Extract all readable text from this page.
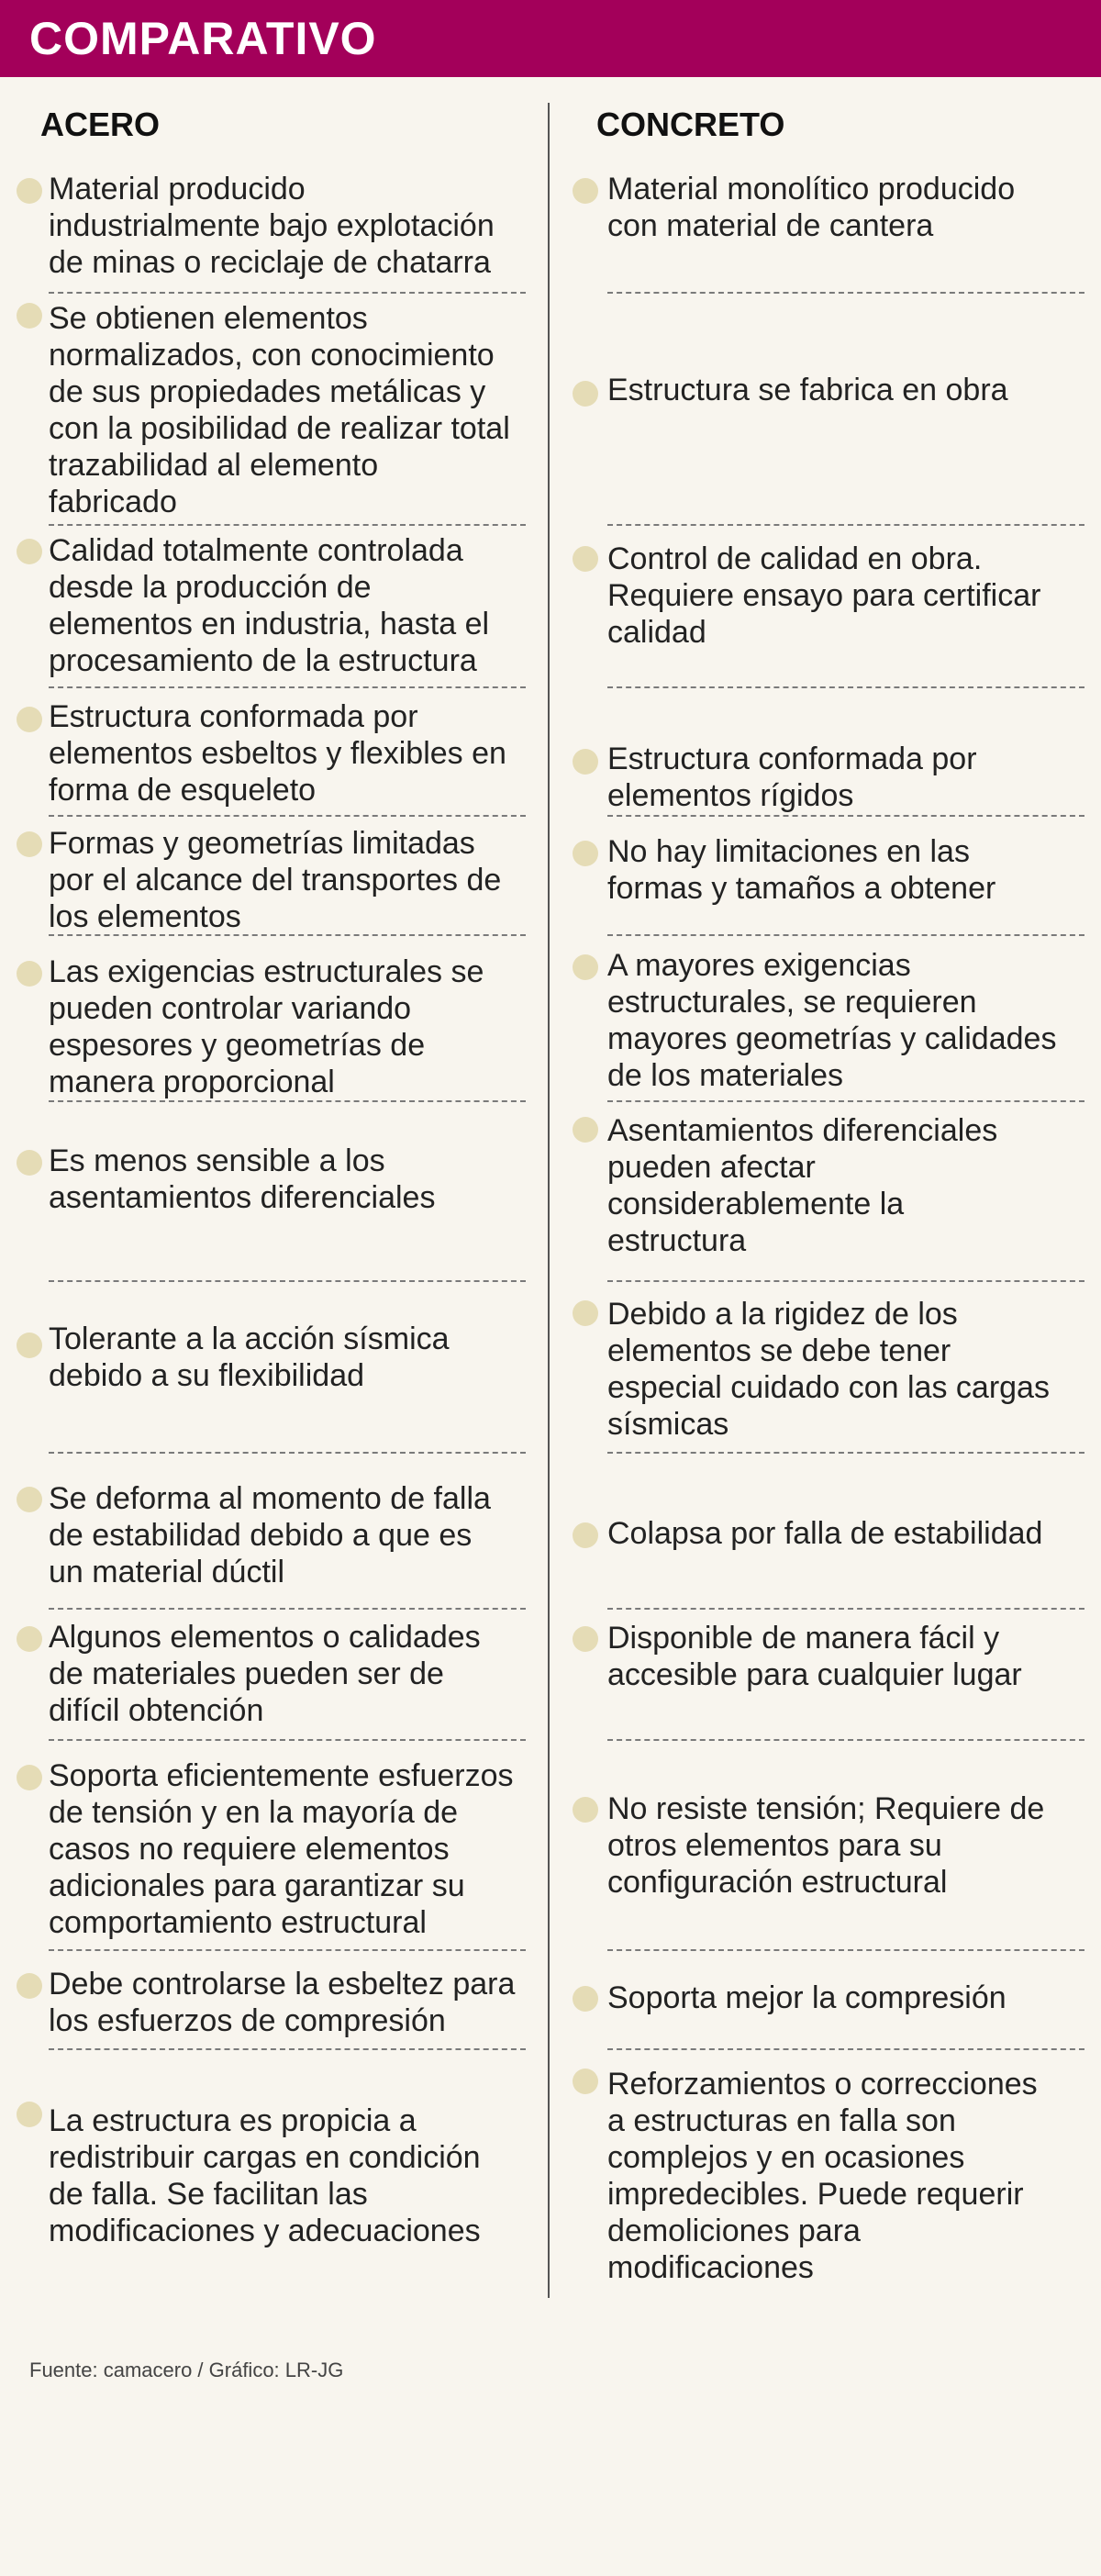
COMPARATIVO
ACERO	CONCRETO
Material producido
industrialmente bajo explotación
de minas o reciclaje de chatarra
Se obtienen elementos
normalizados, con conocimiento
de sus propiedades metálicas y
con la posibilidad de realizar total
trazabilidad al elemento
fabricado
Calidad totalmente controlada
desde la producción de
elementos en industria, hasta el
procesamiento de la estructura
Estructura conformada por
elementos esbeltos y flexibles en
forma de esqueleto
Formas y geometrías limitadas
por el alcance del transportes de
los elementos
Las exigencias estructurales se
pueden controlar variando
espesores y geometrías de
manera proporcional
Es menos sensible a los
asentamientos diferenciales
Tolerante a la acción sísmica
debido a su flexibilidad
Se deforma al momento de falla
de estabilidad debido a que es
un material dúctil
Algunos elementos o calidades
de materiales pueden ser de
difícil obtención
Soporta eficientemente esfuerzos
de tensión y en la mayoría de
casos no requiere elementos
adicionales para garantizar su
comportamiento estructural
Debe controlarse la esbeltez para
los esfuerzos de compresión
La estructura es propicia a
redistribuir cargas en condición
de falla. Se facilitan las
modificaciones y adecuaciones
Material monolítico producido
con material de cantera
Estructura se fabrica en obra
Control de calidad en obra.
Requiere ensayo para certificar
calidad
Estructura conformada por
elementos rígidos
No hay limitaciones en las
formas y tamaños a obtener
A mayores exigencias
estructurales, se requieren
mayores geometrías y calidades
de los materiales
Asentamientos diferenciales
pueden afectar
considerablemente la
estructura
Debido a la rigidez de los
elementos se debe tener
especial cuidado con las cargas
sísmicas
Colapsa por falla de estabilidad
Disponible de manera fácil y
accesible para cualquier lugar
No resiste tensión; Requiere de
otros elementos para su
configuración estructural
Soporta mejor la compresión
Reforzamientos o correcciones
a estructuras en falla son
complejos y en ocasiones
impredecibles. Puede requerir
demoliciones para
modificaciones
Fuente: camacero / Gráfico: LR-JG
